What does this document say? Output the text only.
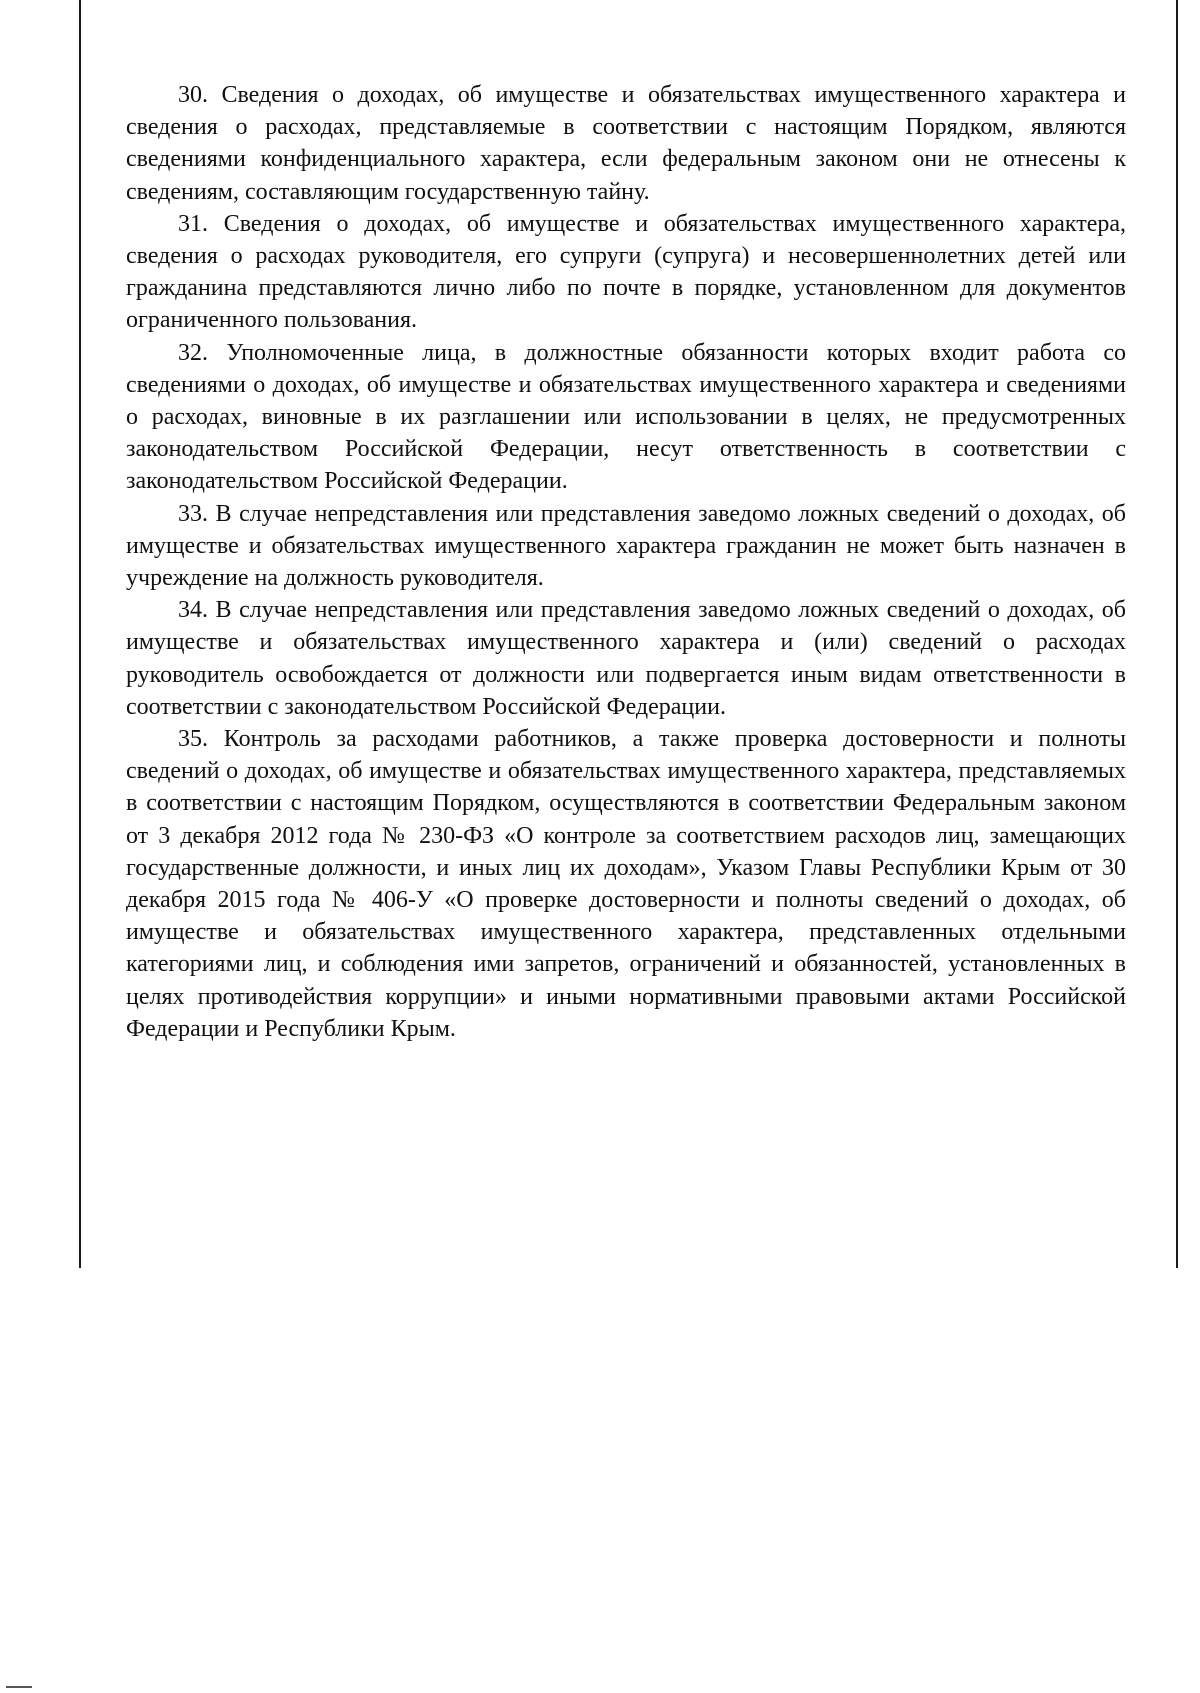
30. Сведения о доходах, об имуществе и обязательствах имущественного характера и сведения о расходах, представляемые в соответствии с настоящим Порядком, являются сведениями конфиденциального характера, если федеральным законом они не отнесены к сведениям, составляющим государственную тайну.

31. Сведения о доходах, об имуществе и обязательствах имущественного характера, сведения о расходах руководителя, его супруги (супруга) и несовершеннолетних детей или гражданина представляются лично либо по почте в порядке, установленном для документов ограниченного пользования.

32. Уполномоченные лица, в должностные обязанности которых входит работа со сведениями о доходах, об имуществе и обязательствах имущественного характера и сведениями о расходах, виновные в их разглашении или использовании в целях, не предусмотренных законодательством Российской Федерации, несут ответственность в соответствии с законодательством Российской Федерации.

33. В случае непредставления или представления заведомо ложных сведений о доходах, об имуществе и обязательствах имущественного характера гражданин не может быть назначен в учреждение на должность руководителя.

34. В случае непредставления или представления заведомо ложных сведений о доходах, об имуществе и обязательствах имущественного характера и (или) сведений о расходах руководитель освобождается от должности или подвергается иным видам ответственности в соответствии с законодательством Российской Федерации.

35. Контроль за расходами работников, а также проверка достоверности и полноты сведений о доходах, об имуществе и обязательствах имущественного характера, представляемых в соответствии с настоящим Порядком, осуществляются в соответствии Федеральным законом от 3 декабря 2012 года № 230-ФЗ «О контроле за соответствием расходов лиц, замещающих государственные должности, и иных лиц их доходам», Указом Главы Республики Крым от 30 декабря 2015 года № 406-У «О проверке достоверности и полноты сведений о доходах, об имуществе и обязательствах имущественного характера, представленных отдельными категориями лиц, и соблюдения ими запретов, ограничений и обязанностей, установленных в целях противодействия коррупции» и иными нормативными правовыми актами Российской Федерации и Республики Крым.
